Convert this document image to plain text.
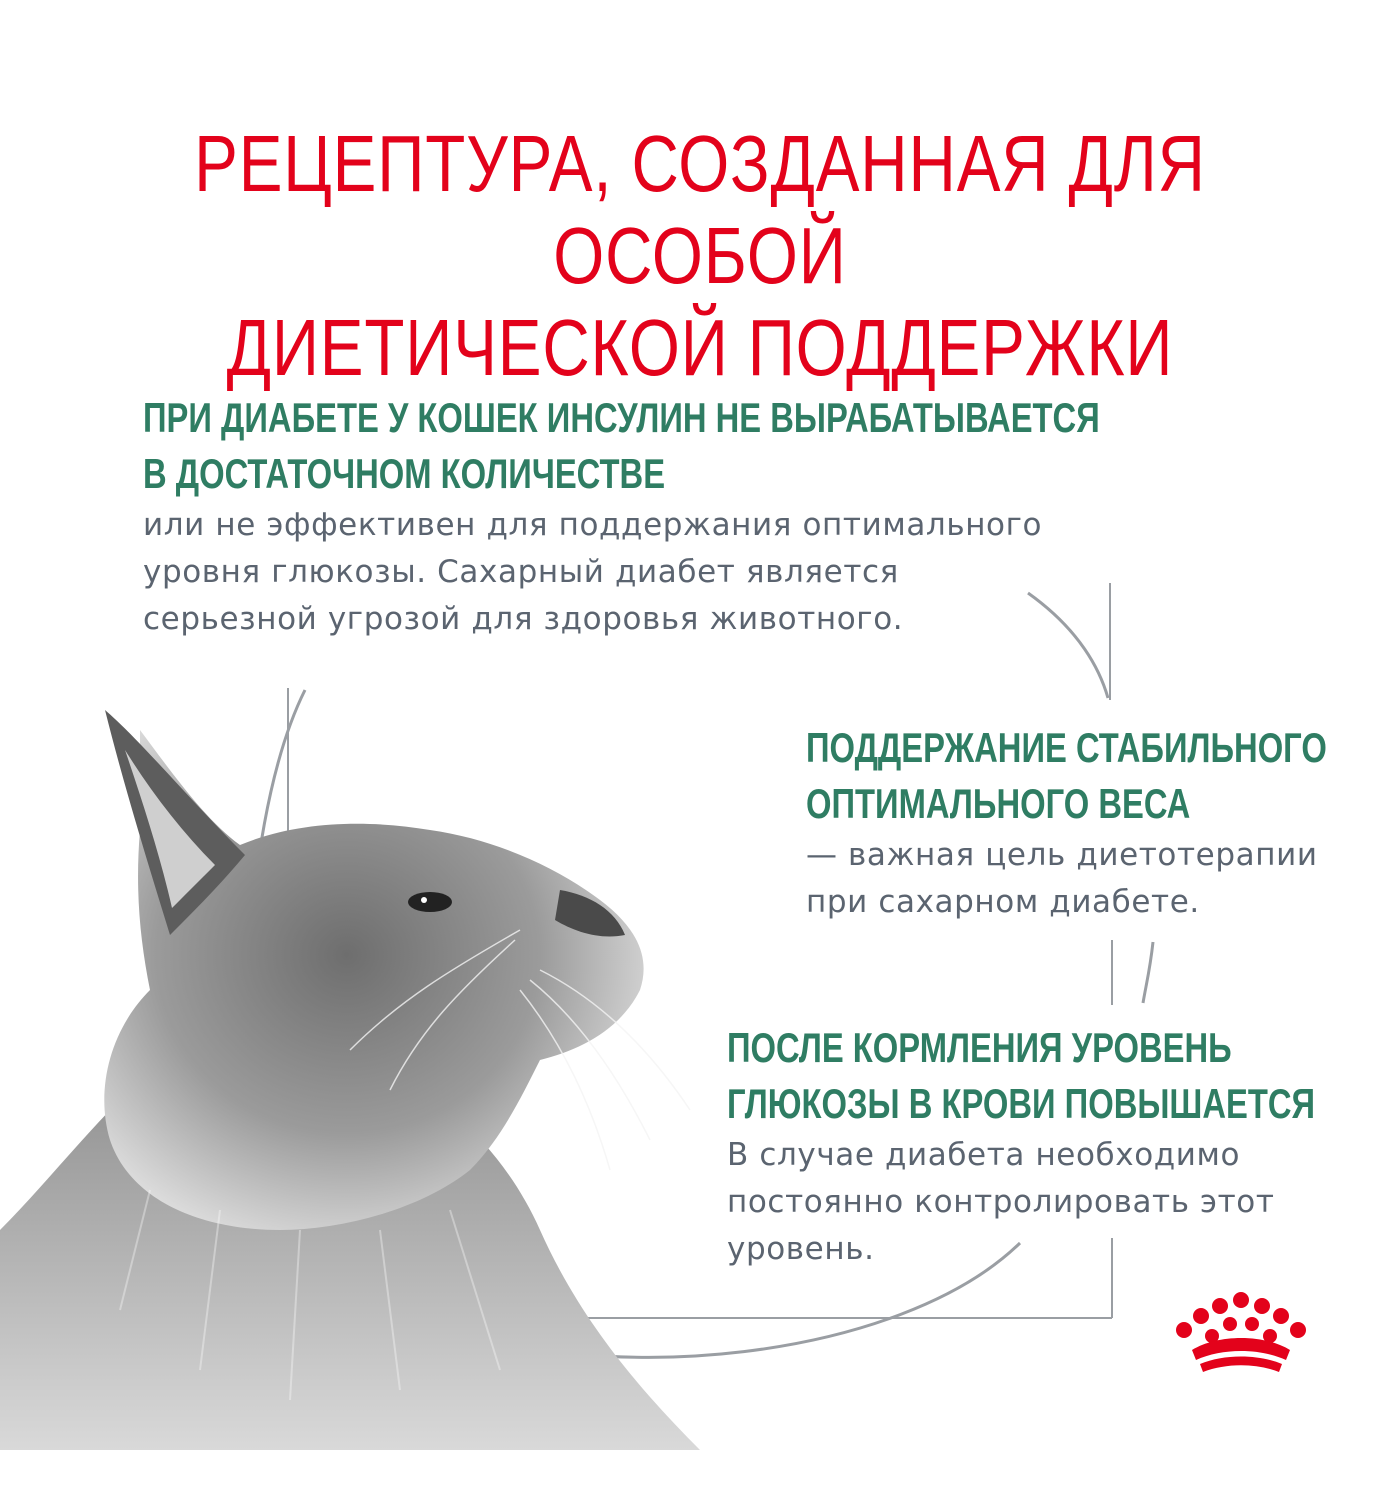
РЕЦЕПТУРА, СОЗДАННАЯ ДЛЯ ОСОБОЙ
ДИЕТИЧЕСКОЙ ПОДДЕРЖКИ

ПРИ ДИАБЕТЕ У КОШЕК ИНСУЛИН НЕ ВЫРАБАТЫВАЕТСЯ
В ДОСТАТОЧНОМ КОЛИЧЕСТВЕ

или не эффективен для поддержания оптимального
уровня глюкозы. Сахарный диабет является
серьезной угрозой для здоровья животного.

ПОДДЕРЖАНИЕ СТАБИЛЬНОГО
ОПТИМАЛЬНОГО ВЕСА

— важная цель диетотерапии
при сахарном диабете.

ПОСЛЕ КОРМЛЕНИЯ УРОВЕНЬ
ГЛЮКОЗЫ В КРОВИ ПОВЫШАЕТСЯ

В случае диабета необходимо
постоянно контролировать этот
уровень.
